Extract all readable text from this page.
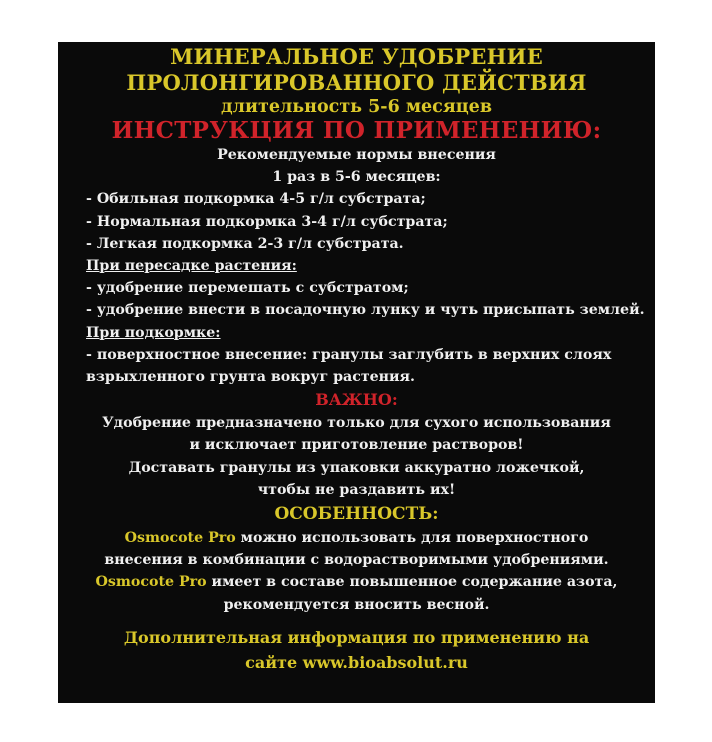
МИНЕРАЛЬНОЕ УДОБРЕНИЕ
ПРОЛОНГИРОВАННОГО ДЕЙСТВИЯ
длительность 5-6 месяцев
ИНСТРУКЦИЯ ПО ПРИМЕНЕНИЮ:
Рекомендуемые нормы внесения
1 раз в 5-6 месяцев:
- Обильная подкормка 4-5 г/л субстрата;
- Нормальная подкормка 3-4 г/л субстрата;
- Легкая подкормка 2-3 г/л субстрата.
При пересадке растения:
- удобрение перемешать с субстратом;
- удобрение внести в посадочную лунку и чуть присыпать землей.
При подкормке:
- поверхностное внесение: гранулы заглубить в верхних слоях
взрыхленного грунта вокруг растения.
ВАЖНО:
Удобрение предназначено только для сухого использования
и исключает приготовление растворов!
Доставать гранулы из упаковки аккуратно ложечкой,
чтобы не раздавить их!
ОСОБЕННОСТЬ:
Osmocote Pro можно использовать для поверхностного
внесения в комбинации с водорастворимыми удобрениями.
Osmocote Pro имеет в составе повышенное содержание азота,
рекомендуется вносить весной.
Дополнительная информация по применению на
сайте www.bioabsolut.ru
